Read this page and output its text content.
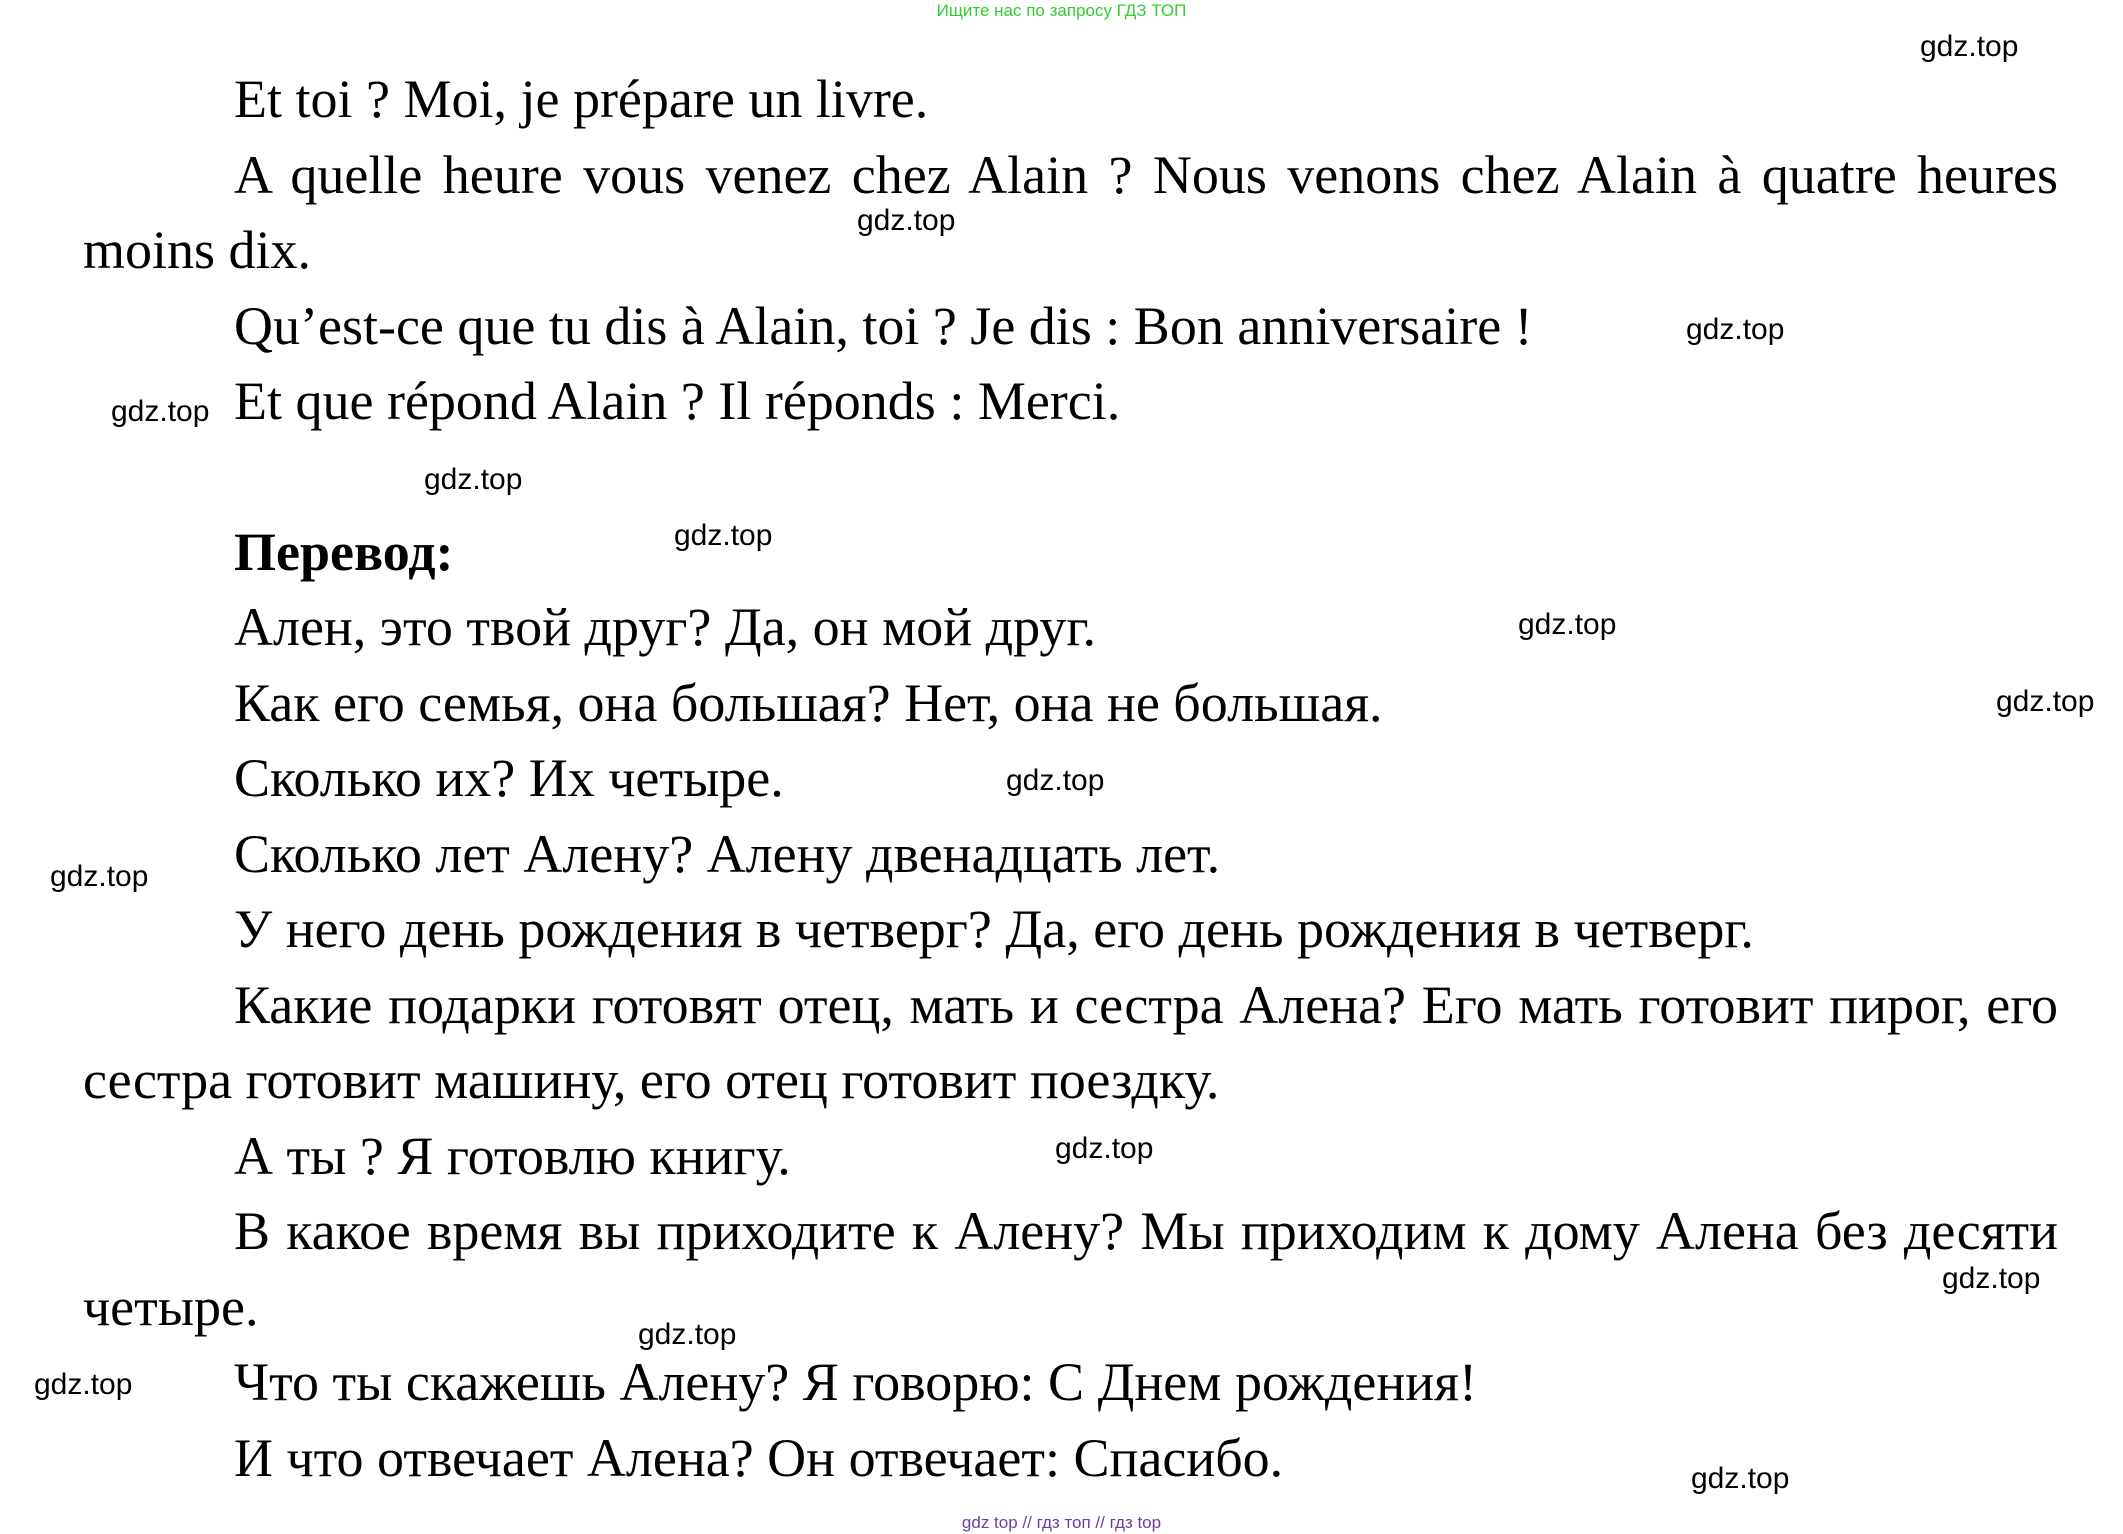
Ищите нас по запросу ГДЗ ТОП

Et toi ? Moi, je prépare un livre.

A quelle heure vous venez chez Alain ? Nous venons chez Alain à quatre heures moins dix.

Qu’est-ce que tu dis à Alain, toi ? Je dis : Bon anniversaire !

Et que répond Alain ? Il réponds : Merci.

Перевод:

Ален, это твой друг? Да, он мой друг.

Как его семья, она большая? Нет, она не большая.

Сколько их? Их четыре.

Сколько лет Алену? Алену двенадцать лет.

У него день рождения в четверг? Да, его день рождения в четверг.

Какие подарки готовят отец, мать и сестра Алена? Его мать готовит пирог, его сестра готовит машину, его отец готовит поездку.

А ты ? Я готовлю книгу.

В какое время вы приходите к Алену? Мы приходим к дому Алена без десяти четыре.

Что ты скажешь Алену? Я говорю: С Днем рождения!

И что отвечает Алена? Он отвечает: Спасибо.

gdz.top
gdz.top
gdz.top
gdz.top
gdz.top
gdz.top
gdz.top
gdz.top
gdz.top
gdz.top
gdz.top
gdz.top
gdz.top
gdz.top
gdz.top
gdz top // гдз топ // гдз top
